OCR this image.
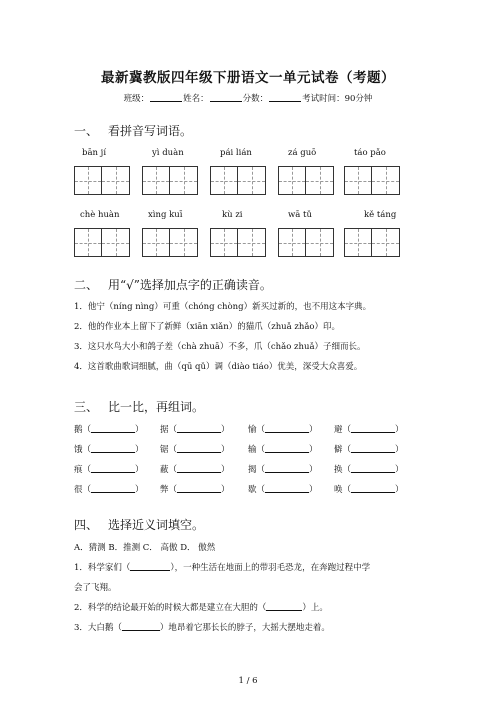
最新冀教版四年级下册语文一单元试卷（考题）
班级：	姓名：	分数：	考试时间：90分钟
一、 看拼音写词语。
bān jí	yì duàn	pái lián	zá guō	táo pǎo
chè huàn	xìng kuī	kù zi	wā tǔ	kě táng
二、 用“√”选择加点字的正确读音。
1．他宁（níng nìng）可重（chóng chòng）新买过新的，也不用这本字典。
2．他的作业本上留下了新鲜（xiān xiǎn）的猫爪（zhuǎ zhǎo）印。
3．这只水鸟大小和鸽子差（chà zhuā）不多，爪（chǎo zhuǎ）子细而长。
4．这首歌曲歌词细腻，曲（qū qǔ）调（diào tiáo）优美，深受大众喜爱。
三、 比一比，再组词。
鹅（	） 据（	） 愉（	） 避（	）
饿（	） 锯（	） 输（	） 僻（	）
痕（	） 蔽（	） 揭（	） 换（	）
很（	） 弊（	） 歇（	） 唤（	）
四、 选择近义词填空。
A．猜测 B．推测 C． 高傲 D． 傲然
1．科学家们（	），一种生活在地面上的带羽毛恐龙，在奔跑过程中学
会了飞翔。
2．科学的结论最开始的时候大都是建立在大胆的（	）上。
3．大白鹅（	）地昂着它那长长的脖子，大摇大摆地走着。
1 / 6
